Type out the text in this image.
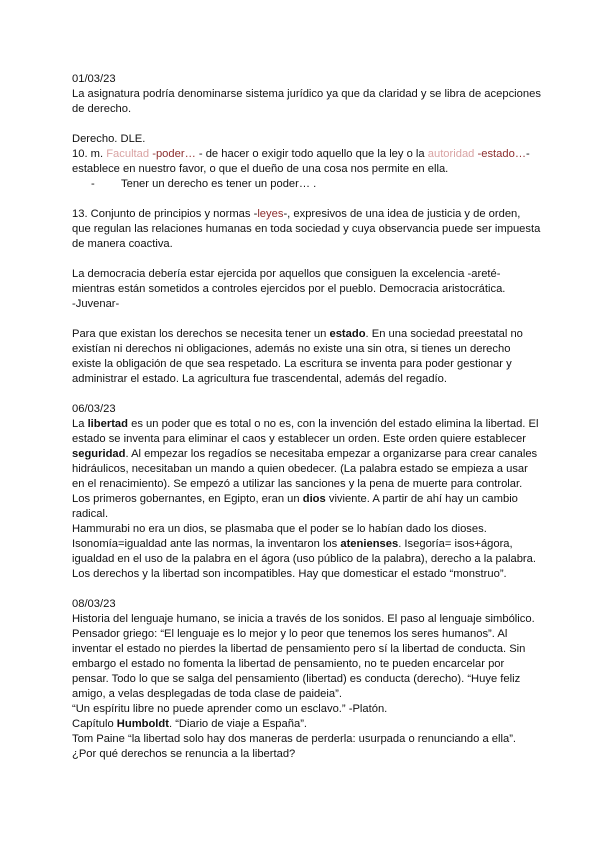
01/03/23

La asignatura podría denominarse sistema jurídico ya que da claridad y se libra de acepciones de derecho.

Derecho. DLE.

10. m. Facultad -poder… - de hacer o exigir todo aquello que la ley o la autoridad -estado…- establece en nuestro favor, o que el dueño de una cosa nos permite en ella.

-	Tener un derecho es tener un poder… .

13. Conjunto de principios y normas -leyes-, expresivos de una idea de justicia y de orden, que regulan las relaciones humanas en toda sociedad y cuya observancia puede ser impuesta de manera coactiva.

La democracia debería estar ejercida por aquellos que consiguen la excelencia -areté- mientras están sometidos a controles ejercidos por el pueblo. Democracia aristocrática.

-Juvenar-

Para que existan los derechos se necesita tener un estado. En una sociedad preestatal no existían ni derechos ni obligaciones, además no existe una sin otra, si tienes un derecho existe la obligación de que sea respetado. La escritura se inventa para poder gestionar y administrar el estado. La agricultura fue trascendental, además del regadío.

06/03/23

La libertad es un poder que es total o no es, con la invención del estado elimina la libertad. El estado se inventa para eliminar el caos y establecer un orden. Este orden quiere establecer seguridad. Al empezar los regadíos se necesitaba empezar a organizarse para crear canales hidráulicos, necesitaban un mando a quien obedecer. (La palabra estado se empieza a usar en el renacimiento). Se empezó a utilizar las sanciones y la pena de muerte para controlar. Los primeros gobernantes, en Egipto, eran un dios viviente. A partir de ahí hay un cambio radical.

Hammurabi no era un dios, se plasmaba que el poder se lo habían dado los dioses.

Isonomía=igualdad ante las normas, la inventaron los atenienses. Isegoría= isos+ágora, igualdad en el uso de la palabra en el ágora (uso público de la palabra), derecho a la palabra.

Los derechos y la libertad son incompatibles. Hay que domesticar el estado “monstruo”.

08/03/23

Historia del lenguaje humano, se inicia a través de los sonidos. El paso al lenguaje simbólico. Pensador griego: “El lenguaje es lo mejor y lo peor que tenemos los seres humanos”. Al inventar el estado no pierdes la libertad de pensamiento pero sí la libertad de conducta. Sin embargo el estado no fomenta la libertad de pensamiento, no te pueden encarcelar por pensar. Todo lo que se salga del pensamiento (libertad) es conducta (derecho). “Huye feliz amigo, a velas desplegadas de toda clase de paideia”.

“Un espíritu libre no puede aprender como un esclavo.” -Platón.

Capítulo Humboldt. “Diario de viaje a España”.

Tom Paine “la libertad solo hay dos maneras de perderla: usurpada o renunciando a ella”.

¿Por qué derechos se renuncia a la libertad?
